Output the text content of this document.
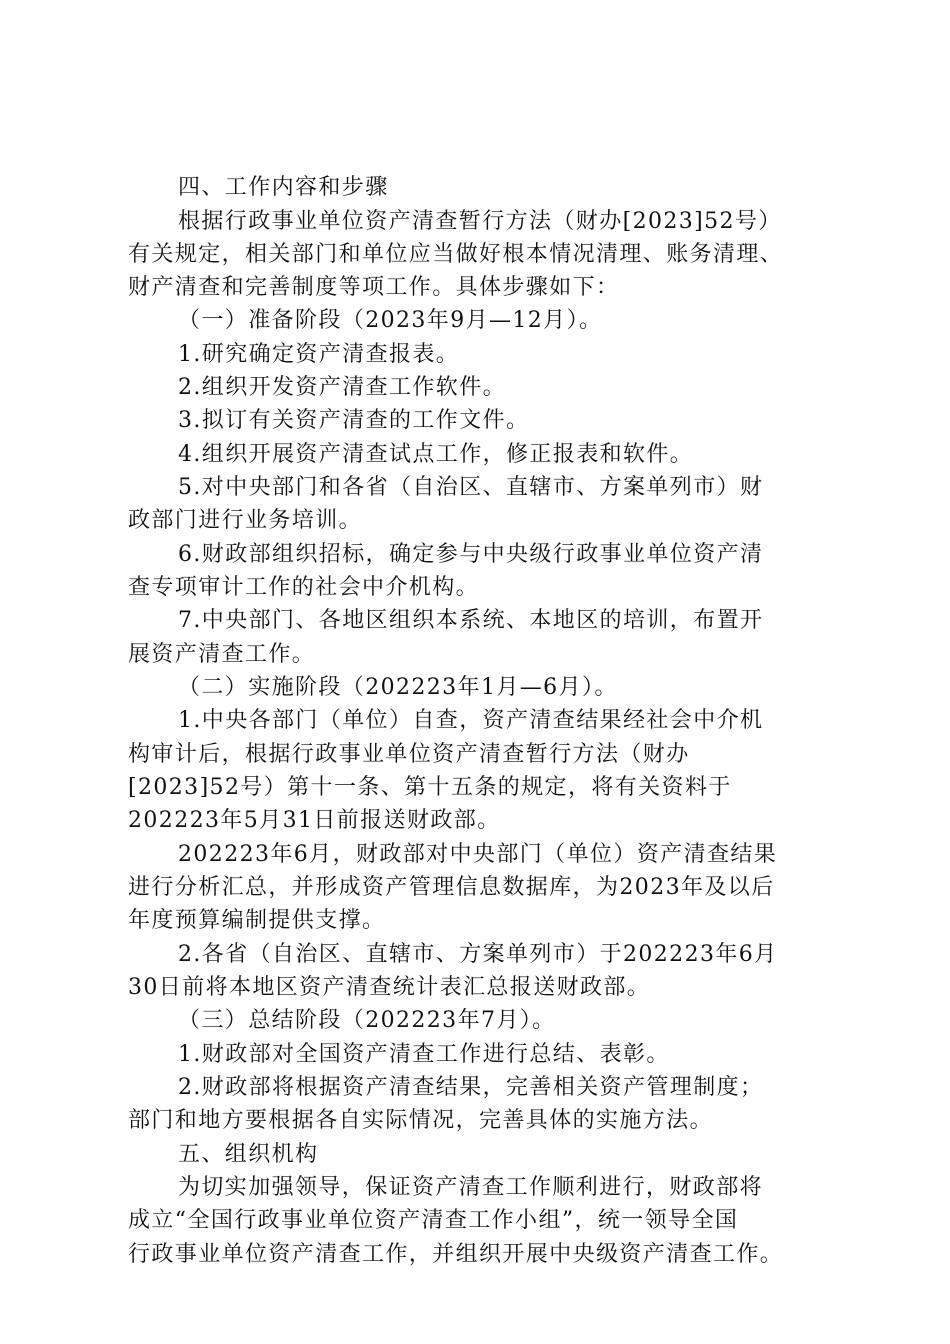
四、工作内容和步骤
根据行政事业单位资产清查暂行方法（财办[2023]52号）
有关规定，相关部门和单位应当做好根本情况清理、账务清理、
财产清查和完善制度等项工作。具体步骤如下：
（一）准备阶段（2023年9月—12月）。
1.研究确定资产清查报表。
2.组织开发资产清查工作软件。
3.拟订有关资产清查的工作文件。
4.组织开展资产清查试点工作，修正报表和软件。
5.对中央部门和各省（自治区、直辖市、方案单列市）财
政部门进行业务培训。
6.财政部组织招标，确定参与中央级行政事业单位资产清
查专项审计工作的社会中介机构。
7.中央部门、各地区组织本系统、本地区的培训，布置开
展资产清查工作。
（二）实施阶段（202223年1月—6月）。
1.中央各部门（单位）自查，资产清查结果经社会中介机
构审计后，根据行政事业单位资产清查暂行方法（财办
[2023]52号）第十一条、第十五条的规定，将有关资料于
202223年5月31日前报送财政部。
202223年6月，财政部对中央部门（单位）资产清查结果
进行分析汇总，并形成资产管理信息数据库，为2023年及以后
年度预算编制提供支撑。
2.各省（自治区、直辖市、方案单列市）于202223年6月
30日前将本地区资产清查统计表汇总报送财政部。
（三）总结阶段（202223年7月）。
1.财政部对全国资产清查工作进行总结、表彰。
2.财政部将根据资产清查结果，完善相关资产管理制度；
部门和地方要根据各自实际情况，完善具体的实施方法。
五、组织机构
为切实加强领导，保证资产清查工作顺利进行，财政部将
成立“全国行政事业单位资产清查工作小组”，统一领导全国
行政事业单位资产清查工作，并组织开展中央级资产清查工作。
